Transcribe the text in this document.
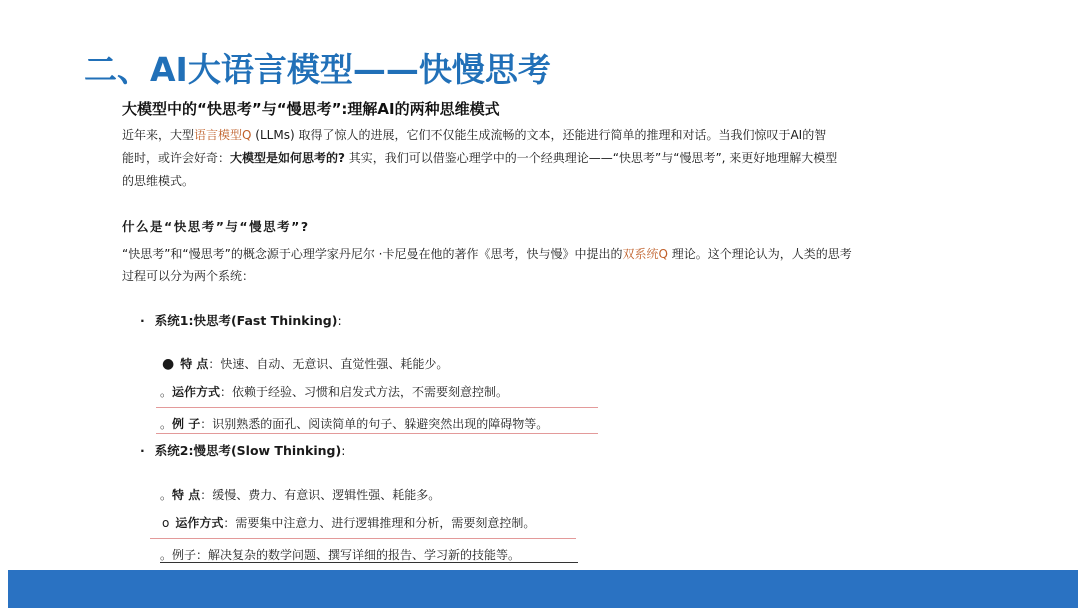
二、AI大语言模型——快慢思考
大模型中的“快思考”与“慢思考”:理解AI的两种思维模式
近年来，大型语言模型Q (LLMs) 取得了惊人的进展，它们不仅能生成流畅的文本，还能进行简单的推理和对话。当我们惊叹于AI的智
能时，或许会好奇：大模型是如何思考的? 其实，我们可以借鉴心理学中的一个经典理论——“快思考”与“慢思考”, 来更好地理解大模型
的思维模式。
什么是“快思考”与“慢思考”?
“快思考”和“慢思考”的概念源于心理学家丹尼尔 ·卡尼曼在他的著作《思考，快与慢》中提出的双系统Q 理论。这个理论认为，人类的思考
过程可以分为两个系统：
· 系统1:快思考(Fast Thinking):
● 特 点：快速、自动、无意识、直觉性强、耗能少。
。运作方式：依赖于经验、习惯和启发式方法，不需要刻意控制。
。例 子：识别熟悉的面孔、阅读简单的句子、躲避突然出现的障碍物等。
· 系统2:慢思考(Slow Thinking):
。特 点：缓慢、费力、有意识、逻辑性强、耗能多。
o 运作方式：需要集中注意力、进行逻辑推理和分析，需要刻意控制。
。例子：解决复杂的数学问题、撰写详细的报告、学习新的技能等。
